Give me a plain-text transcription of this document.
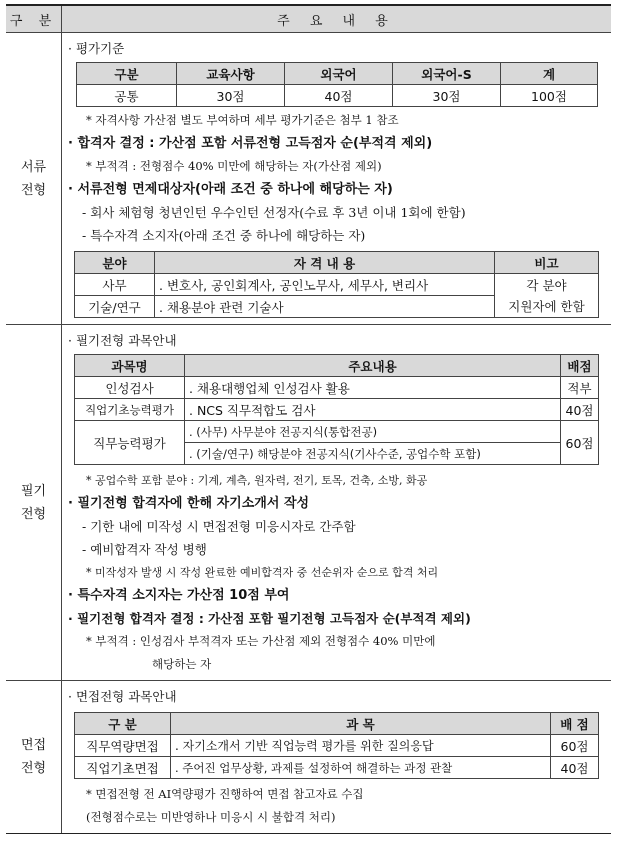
구 분	주 요 내 용
서류
전형
· 평가기준
구분	교육사항	외국어	외국어-S	계
공통	30점	40점	30점	100점
* 자격사항 가산점 별도 부여하며 세부 평가기준은 첨부 1 참조
· 합격자 결정 : 가산점 포함 서류전형 고득점자 순(부적격 제외)
* 부적격 : 전형점수 40% 미만에 해당하는 자(가산점 제외)
· 서류전형 면제대상자(아래 조건 중 하나에 해당하는 자)
- 회사 체험형 청년인턴 우수인턴 선정자(수료 후 3년 이내 1회에 한함)
- 특수자격 소지자(아래 조건 중 하나에 해당하는 자)
분야	자 격 내 용	비고
사무	. 변호사, 공인회계사, 공인노무사, 세무사, 변리사	각 분야
기술/연구	. 채용분야 관련 기술사	지원자에 한함
필기
전형
· 필기전형 과목안내
과목명	주요내용	배점
인성검사	. 채용대행업체 인성검사 활용	적부
직업기초능력평가	. NCS 직무적합도 검사	40점
직무능력평가	. (사무) 사무분야 전공지식(통합전공)	60점
	. (기술/연구) 해당분야 전공지식(기사수준, 공업수학 포함)	
* 공업수학 포함 분야 : 기계, 계측, 원자력, 전기, 토목, 건축, 소방, 화공
· 필기전형 합격자에 한해 자기소개서 작성
- 기한 내에 미작성 시 면접전형 미응시자로 간주함
- 예비합격자 작성 병행
* 미작성자 발생 시 작성 완료한 예비합격자 중 선순위자 순으로 합격 처리
· 특수자격 소지자는 가산점 10점 부여
· 필기전형 합격자 결정 : 가산점 포함 필기전형 고득점자 순(부적격 제외)
* 부적격 : 인성검사 부적격자 또는 가산점 제외 전형점수 40% 미만에
해당하는 자
면접
전형
· 면접전형 과목안내
구 분	과 목	배 점
직무역량면접	. 자기소개서 기반 직업능력 평가를 위한 질의응답	60점
직업기초면접	. 주어진 업무상황, 과제를 설정하여 해결하는 과정 관찰	40점
* 면접전형 전 AI역량평가 진행하여 면접 참고자료 수집
(전형점수로는 미반영하나 미응시 시 불합격 처리)
